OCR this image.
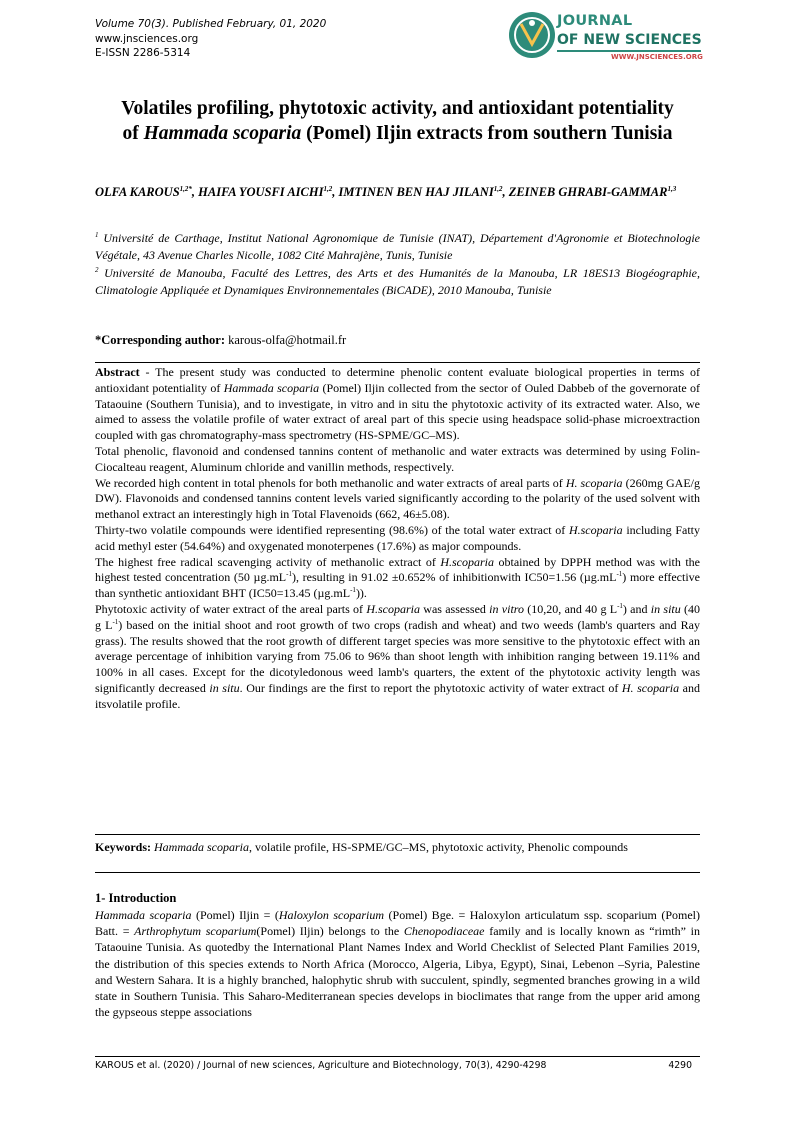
Volume 70(3). Published February, 01, 2020
www.jnsciences.org
E-ISSN 2286-5314
JOURNAL
OF NEW SCIENCES
WWW.JNSCIENCES.ORG
Volatiles profiling, phytotoxic activity, and antioxidant potentiality
of Hammada scoparia (Pomel) Iljin extracts from southern Tunisia
OLFA $KAROUS^{1,2*}$, HAIFA YOUSFI AICHI$^{1,2}$, IMTINEN BEN HAJ JILANI$^{1,2}$, ZEINEB GHRABI-GAMMAR$^{1,3}$
$^1$ Université de Carthage, Institut National Agronomique de Tunisie (INAT), Département d'Agronomie et Biotechnologie Végétale, 43 Avenue Charles Nicolle, 1082 Cité Mahrajène, Tunis, Tunisie
$^2$ Université de Manouba, Faculté des Lettres, des Arts et des Humanités de la Manouba, LR 18ES13 Biogéographie, Climatologie Appliquée et Dynamiques Environnementales (BiCADE), 2010 Manouba, Tunisie
*Corresponding author: karous-olfa@hotmail.fr

Abstract - The present study was conducted to determine phenolic content evaluate biological properties in terms of antioxidant potentiality of Hammada scoparia (Pomel) Iljin collected from the sector of Ouled Dabbeb of the governorate of Tataouine (Southern Tunisia), and to investigate, in vitro and in situ the phytotoxic activity of its extracted water. Also, we aimed to assess the volatile profile of water extract of areal part of this specie using headspace solid-phase microextraction coupled with gas chromatography-mass spectrometry (HS-SPME/GC–MS).

Total phenolic, flavonoid and condensed tannins content of methanolic and water extracts was determined by using Folin-Ciocalteau reagent, Aluminum chloride and vanillin methods, respectively.

We recorded high content in total phenols for both methanolic and water extracts of areal parts of H. scoparia (260mg GAE/g DW). Flavonoids and condensed tannins content levels varied significantly according to the polarity of the used solvent with methanol extract an interestingly high in Total Flavenoids (662, 46±5.08).

Thirty-two volatile compounds were identified representing (98.6%) of the total water extract of H.scoparia including Fatty acid methyl ester (54.64%) and oxygenated monoterpenes (17.6%) as major compounds.

The highest free radical scavenging activity of methanolic extract of H.scoparia obtained by DPPH method was with the highest tested concentration (50 $\mu g.mL^{-1}$), resulting in 91.02 ±0.652% of inhibitionwith IC50=1.56 $(\mu g.mL^{-1})$ more effective than synthetic antioxidant BHT (IC50=13.45 $(\mu g.mL^{-1})$).

Phytotoxic activity of water extract of the areal parts of H.scoparia was assessed in vitro (10,20, and 40 g $L^{-1}$) and in situ (40 g $L^{-1}$) based on the initial shoot and root growth of two crops (radish and wheat) and two weeds (lamb's quarters and Ray grass). The results showed that the root growth of different target species was more sensitive to the phytotoxic effect with an average percentage of inhibition varying from 75.06 to 96% than shoot length with inhibition ranging between 19.11% and 100% in all cases. Except for the dicotyledonous weed lamb's quarters, the extent of the phytotoxic activity length was significantly decreased in situ. Our findings are the first to report the phytotoxic activity of water extract of H. scoparia and itsvolatile profile.

Keywords: Hammada scoparia, volatile profile, HS-SPME/GC–MS, phytotoxic activity, Phenolic compounds
1- Introduction
Hammada scoparia (Pomel) Iljin = (Haloxylon scoparium (Pomel) Bge. = Haloxylon articulatum ssp. scoparium (Pomel) Batt. = Arthrophytum scoparium(Pomel) Iljin) belongs to the Chenopodiaceae family and is locally known as “rimth” in Tataouine Tunisia. As quotedby the International Plant Names Index and World Checklist of Selected Plant Families 2019, the distribution of this species extends to North Africa (Morocco, Algeria, Libya, Egypt), Sinai, Lebenon –Syria, Palestine and Western Sahara. It is a highly branched, halophytic shrub with succulent, spindly, segmented branches growing in a wild state in Southern Tunisia. This Saharo-Mediterranean species develops in bioclimates that range from the upper arid among the gypseous steppe associations
KAROUS et al. (2020) / Journal of new sciences, Agriculture and Biotechnology, 70(3), 4290-4298	4290
